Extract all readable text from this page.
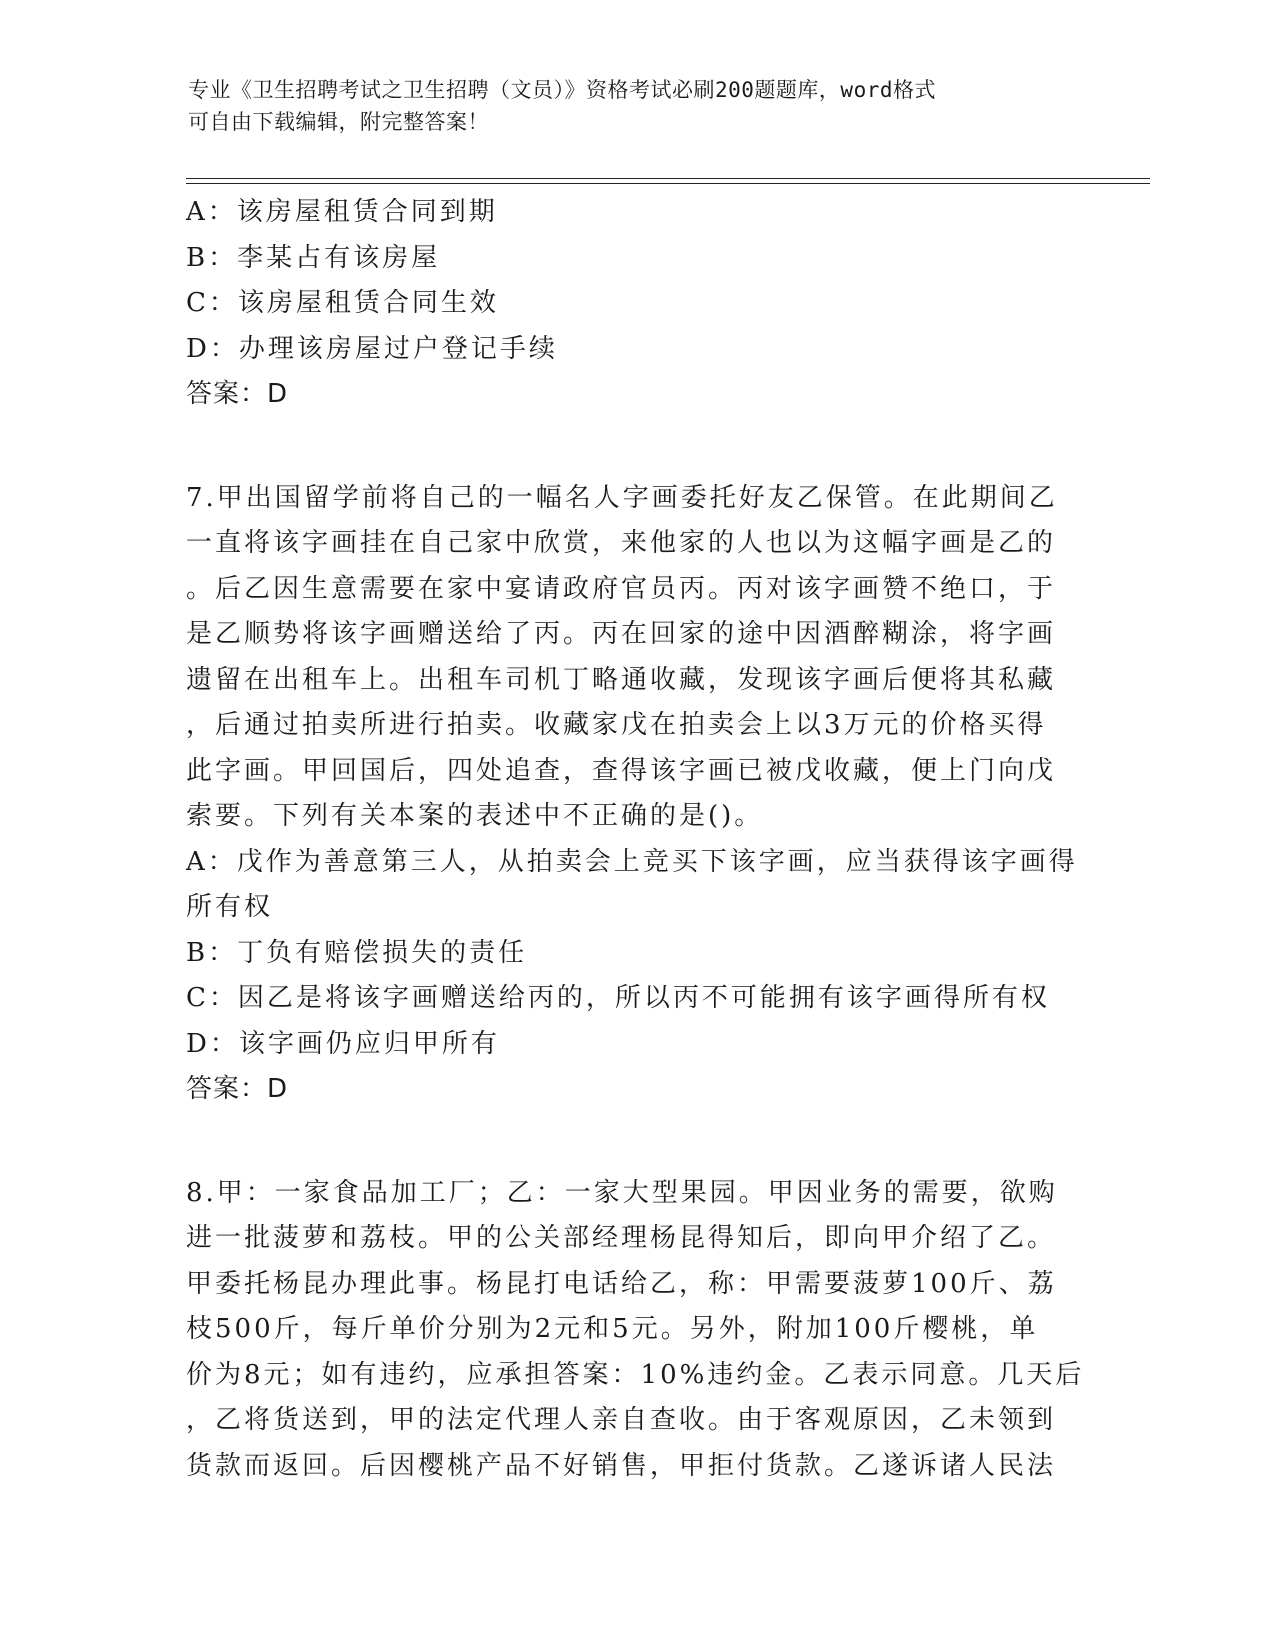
专业《卫生招聘考试之卫生招聘（文员）》资格考试必刷200题题库，word格式
可自由下载编辑，附完整答案！
A：该房屋租赁合同到期
B：李某占有该房屋
C：该房屋租赁合同生效
D：办理该房屋过户登记手续
答案：D
7.甲出国留学前将自己的一幅名人字画委托好友乙保管。在此期间乙
一直将该字画挂在自己家中欣赏，来他家的人也以为这幅字画是乙的
。后乙因生意需要在家中宴请政府官员丙。丙对该字画赞不绝口，于
是乙顺势将该字画赠送给了丙。丙在回家的途中因酒醉糊涂，将字画
遗留在出租车上。出租车司机丁略通收藏，发现该字画后便将其私藏
，后通过拍卖所进行拍卖。收藏家戊在拍卖会上以3万元的价格买得
此字画。甲回国后，四处追查，查得该字画已被戊收藏，便上门向戊
索要。下列有关本案的表述中不正确的是()。
A：戊作为善意第三人，从拍卖会上竞买下该字画，应当获得该字画得
所有权
B：丁负有赔偿损失的责任
C：因乙是将该字画赠送给丙的，所以丙不可能拥有该字画得所有权
D：该字画仍应归甲所有
答案：D
8.甲：一家食品加工厂；乙：一家大型果园。甲因业务的需要，欲购
进一批菠萝和荔枝。甲的公关部经理杨昆得知后，即向甲介绍了乙。
甲委托杨昆办理此事。杨昆打电话给乙，称：甲需要菠萝100斤、荔
枝500斤，每斤单价分别为2元和5元。另外，附加100斤樱桃，单
价为8元；如有违约，应承担答案：10%违约金。乙表示同意。几天后
，乙将货送到，甲的法定代理人亲自查收。由于客观原因，乙未领到
货款而返回。后因樱桃产品不好销售，甲拒付货款。乙遂诉诸人民法
